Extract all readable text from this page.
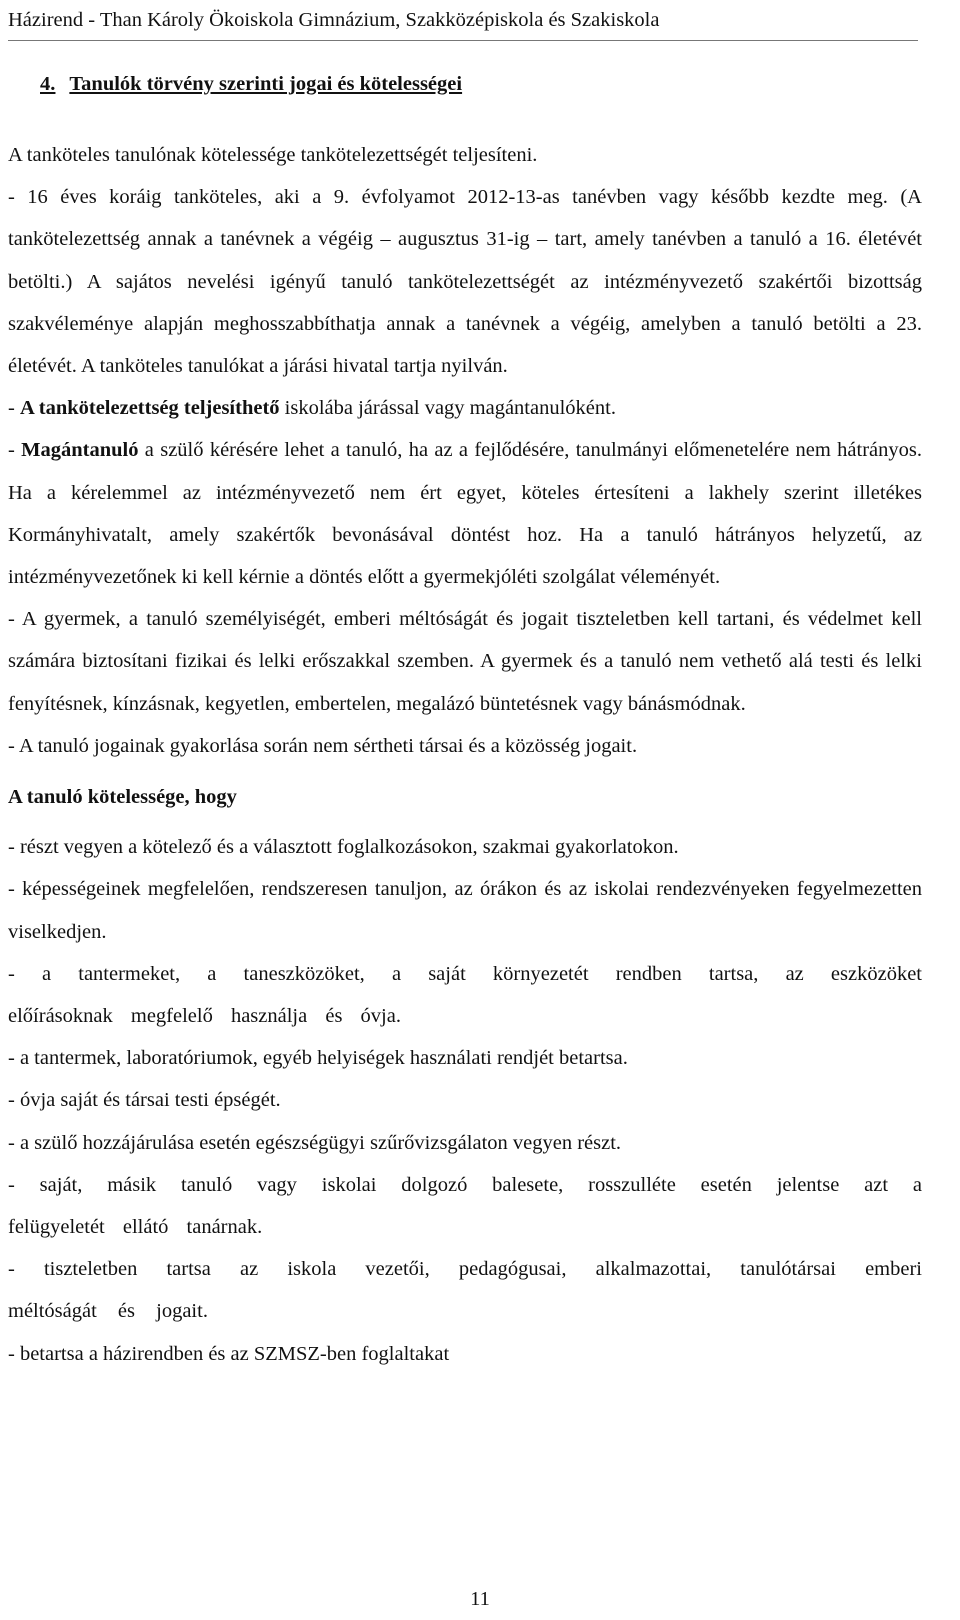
Házirend - Than Károly Ökoiskola Gimnázium, Szakközépiskola és Szakiskola
4. Tanulók törvény szerinti jogai és kötelességei

A tanköteles tanulónak kötelessége tankötelezettségét teljesíteni.

- 16 éves koráig tanköteles, aki a 9. évfolyamot 2012-13-as tanévben vagy később kezdte meg. (A tankötelezettség annak a tanévnek a végéig – augusztus 31-ig – tart, amely tanévben a tanuló a 16. életévét betölti.) A sajátos nevelési igényű tanuló tankötelezettségét az intézményvezető szakértői bizottság szakvéleménye alapján meghosszabbíthatja annak a tanévnek a végéig, amelyben a tanuló betölti a 23. életévét. A tanköteles tanulókat a járási hivatal tartja nyilván.

- A tankötelezettség teljesíthető iskolába járással vagy magántanulóként.

- Magántanuló a szülő kérésére lehet a tanuló, ha az a fejlődésére, tanulmányi előmenetelére nem hátrányos. Ha a kérelemmel az intézményvezető nem ért egyet, köteles értesíteni a lakhely szerint illetékes Kormányhivatalt, amely szakértők bevonásával döntést hoz. Ha a tanuló hátrányos helyzetű, az intézményvezetőnek ki kell kérnie a döntés előtt a gyermekjóléti szolgálat véleményét.

- A gyermek, a tanuló személyiségét, emberi méltóságát és jogait tiszteletben kell tartani, és védelmet kell számára biztosítani fizikai és lelki erőszakkal szemben. A gyermek és a tanuló nem vethető alá testi és lelki fenyítésnek, kínzásnak, kegyetlen, embertelen, megalázó büntetésnek vagy bánásmódnak.

- A tanuló jogainak gyakorlása során nem sértheti társai és a közösség jogait.

A tanuló kötelessége, hogy

- részt vegyen a kötelező és a választott foglalkozásokon, szakmai gyakorlatokon.

- képességeinek megfelelően, rendszeresen tanuljon, az órákon és az iskolai rendezvényeken fegyelmezetten viselkedjen.

- a tantermeket, a taneszközöket, a saját környezetét rendben tartsa, az eszközöket előírásoknak megfelelő használja és óvja.

- a tantermek, laboratóriumok, egyéb helyiségek használati rendjét betartsa.

- óvja saját és társai testi épségét.

- a szülő hozzájárulása esetén egészségügyi szűrővizsgálaton vegyen részt.

- saját, másik tanuló vagy iskolai dolgozó balesete, rosszulléte esetén jelentse azt a felügyeletét ellátó tanárnak.

- tiszteletben tartsa az iskola vezetői, pedagógusai, alkalmazottai, tanulótársai emberi méltóságát és jogait.

- betartsa a házirendben és az SZMSZ-ben foglaltakat

11
